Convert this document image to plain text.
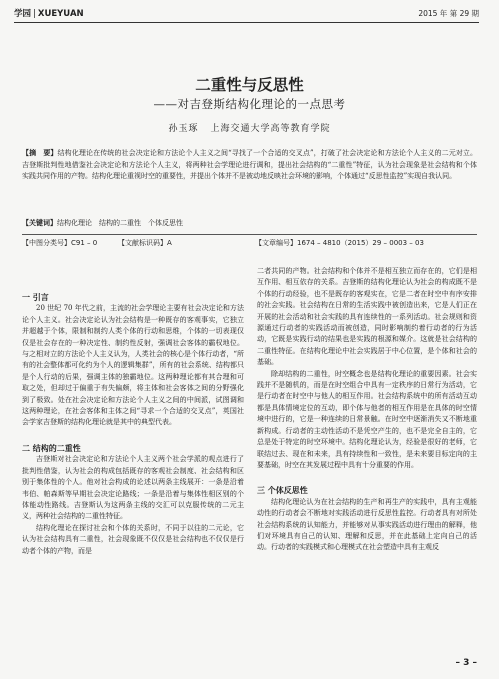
学园 | XUEYUAN	2015 年 第 29 期
二重性与反思性
——对吉登斯结构化理论的一点思考
孙玉琢 上海交通大学高等教育学院
【摘　要】结构化理论在传统的社会决定论和方法论个人主义之间“寻找了一个合适的交叉点”，打破了社会决定论和方法论个人主义的二元对立。吉登斯批判性地借鉴社会决定论和方法论个人主义，将两种社会学理论进行调和，提出社会结构的“二重性”特征，认为社会现象是社会结构和个体实践共同作用的产物。结构化理论重视时空的重要性，并提出个体并不是被动地反映社会环境的影响，个体通过“反思性监控”实现自我认同。
【关键词】结构化理论　结构的二重性　个体反思性
【中图分类号】C91 – 0	【文献标识码】A	【文章编号】1674 – 4810（2015）29 – 0003 – 03
一 引言

20 世纪 70 年代之前，主流的社会学理论主要有社会决定论和方法论个人主义。社会决定论认为社会结构是一种既存的客观事实，它独立并超越于个体，限制和制约人类个体的行动和思维，个体的一切表现仅仅是社会存在的一种决定性、制约性反射，强调社会客体的霸权地位。与之相对立的方法论个人主义认为，人类社会的核心是个体行动者，“所有的社会整体都可化约为个人的逻辑集群”，所有的社会系统、结构都只是个人行动的后果，强调主体的独霸地位。这两种理论都有其合理和可取之处，但却过于偏重于有失偏颇，将主体和社会客体之间的分野强化到了极致。处在社会决定论和方法论个人主义之间的中间派，试图调和这两种理论，在社会客体和主体之间“寻求一个合适的交叉点”，英国社会学家吉登斯的结构化理论就是其中的典型代表。

二 结构的二重性

吉登斯对社会决定论和方法论个人主义两个社会学派的观点进行了批判性借鉴，认为社会的构成包括既存的客观社会制度、社会结构和区别于集体性的个人。他对社会构成的论述以两条主线展开：一条是沿着韦伯、帕森斯等早期社会决定论路线；一条是沿着与集体性相区别的个体能动性路线。吉登斯认为这两条主线的交汇可以克服传统的二元主义，两种社会结构的二重性特征。

结构化理论在探讨社会和个体的关系时，不同于以往的二元论，它认为社会结构具有二重性，社会现象既不仅仅是社会结构也不仅仅是行动者个体的产物，而是

二者共同的产物。社会结构和个体并不是相互独立而存在的，它们是相互作用、相互依存的关系。吉登斯的结构化理论认为社会的构成既不是个体的行动经验，也不是既存的客观实在，它是二者在时空中有序安排的社会实践。社会结构在日常的生活实践中被创造出来，它是人们正在开展的社会活动和社会实践的具有连续性的一系列活动。社会规则和资源通过行动者的实践活动而被创造，同时影响制约着行动者的行为活动，它既是实践行动的结果也是实践的根源和媒介。这就是社会结构的二重性特征。在结构化理论中社会实践居于中心位置，是个体和社会的基础。

除却结构的二重性，时空概念也是结构化理论的重要因素。社会实践并不是随机的，而是在时空组合中具有一定秩序的日常行为活动，它是行动者在时空中与他人的相互作用。社会结构系统中的所有活动互动都是具体情境定位的互动，即个体与他者的相互作用是在具体的时空情境中进行的，它是一种连续的日常景触。在时空中逐渐消失又不断地重新构成。行动者的主动性活动不是凭空产生的，也不是完全自主的，它总是处于特定的时空环境中。结构化理论认为，经验是很好的老师，它联结过去、现在和未来，具有持续性和一致性，是未来要目标定向的主要基础，时空在其发展过程中具有十分重要的作用。

三 个体反思性

结构化理论认为在社会结构的生产和再生产的实践中，具有主观能动性的行动者会不断地对实践活动进行反思性监控。行动者具有对所处社会结构系统的认知能力，并能够对从事实践活动进行理由的解释，他们对环境具有自己的认知、理解和反思，并在此基础上定向自己的活动。行动者的实践模式和心理模式在社会塑造中具有主观反

– 3 –
